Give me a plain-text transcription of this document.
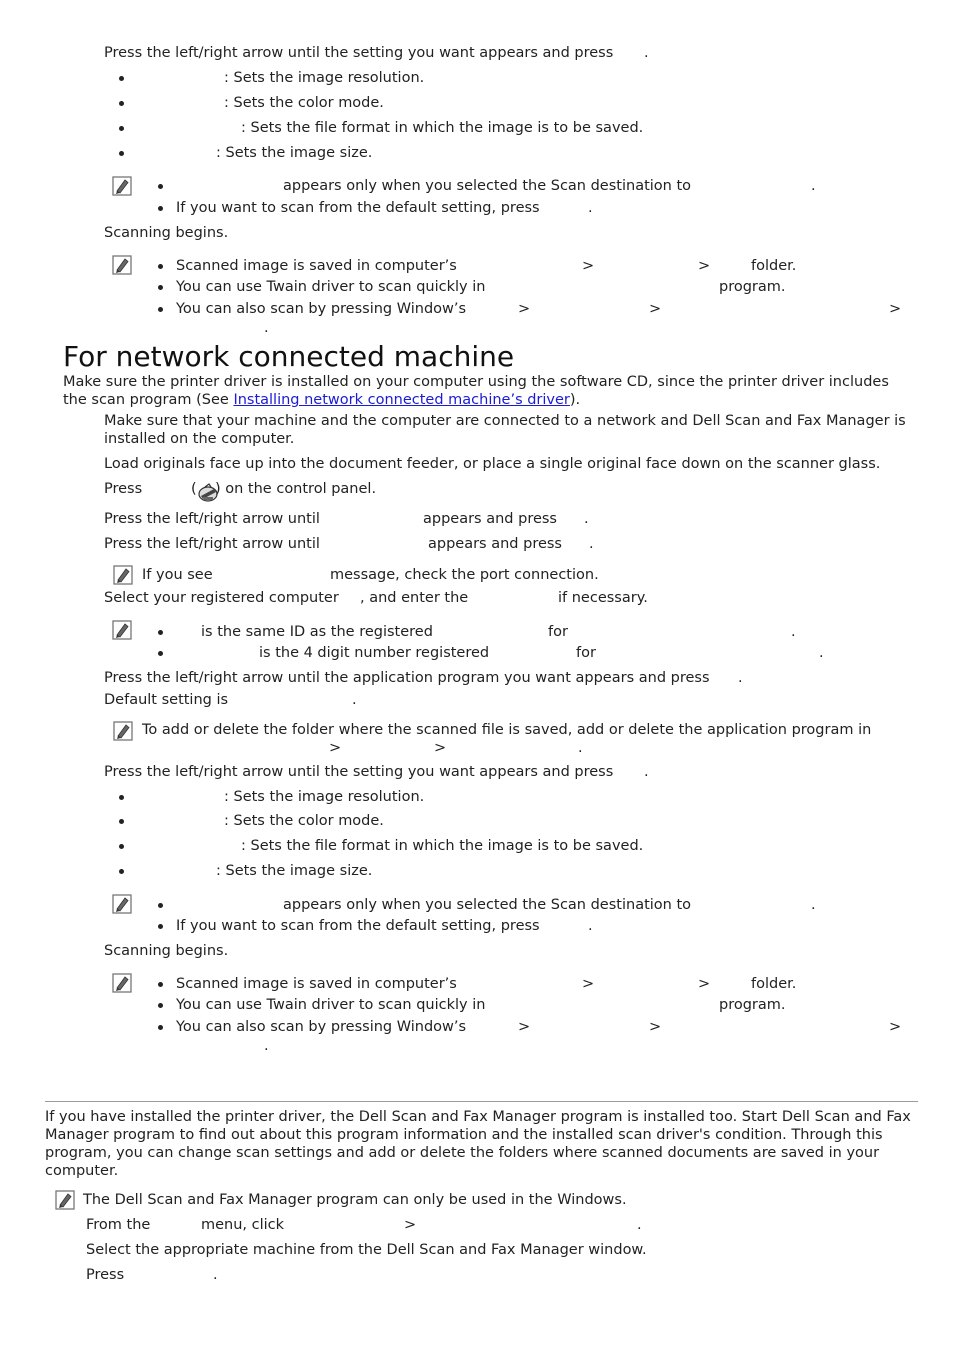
Press the left/right arrow until the setting you want appears and press .
: Sets the image resolution.
: Sets the color mode.
: Sets the file format in which the image is to be saved.
: Sets the image size.
appears only when you selected the Scan destination to	.
If you want to scan from the default setting, press	.
Scanning begins.
Scanned image is saved in computer’s	>	>	folder.
You can use Twain driver to scan quickly in	program.
You can also scan by pressing Window’s	>	>	>
.
For network connected machine
Make sure the printer driver is installed on your computer using the software CD, since the printer driver includes the scan program (See Installing network connected machine’s driver).
Make sure that your machine and the computer are connected to a network and Dell Scan and Fax Manager is installed on the computer.
Load originals face up into the document feeder, or place a single original face down on the scanner glass.
Press	( ) on the control panel.
Press the left/right arrow until	appears and press .
Press the left/right arrow until	appears and press .
If you see	message, check the port connection.
Select your registered computer , and enter the	if necessary.
is the same ID as the registered	for	.
is the 4 digit number registered	for	.
Press the left/right arrow until the application program you want appears and press .
Default setting is	.
To add or delete the folder where the scanned file is saved, add or delete the application program in
>	>	.
Press the left/right arrow until the setting you want appears and press .
: Sets the image resolution.
: Sets the color mode.
: Sets the file format in which the image is to be saved.
: Sets the image size.
appears only when you selected the Scan destination to	.
If you want to scan from the default setting, press	.
Scanning begins.
Scanned image is saved in computer’s	>	>	folder.
You can use Twain driver to scan quickly in	program.
You can also scan by pressing Window’s	>	>	>
.
If you have installed the printer driver, the Dell Scan and Fax Manager program is installed too. Start Dell Scan and Fax Manager program to find out about this program information and the installed scan driver's condition. Through this program, you can change scan settings and add or delete the folders where scanned documents are saved in your computer.
The Dell Scan and Fax Manager program can only be used in the Windows.
From the	menu, click	>	.
Select the appropriate machine from the Dell Scan and Fax Manager window.
Press	.
